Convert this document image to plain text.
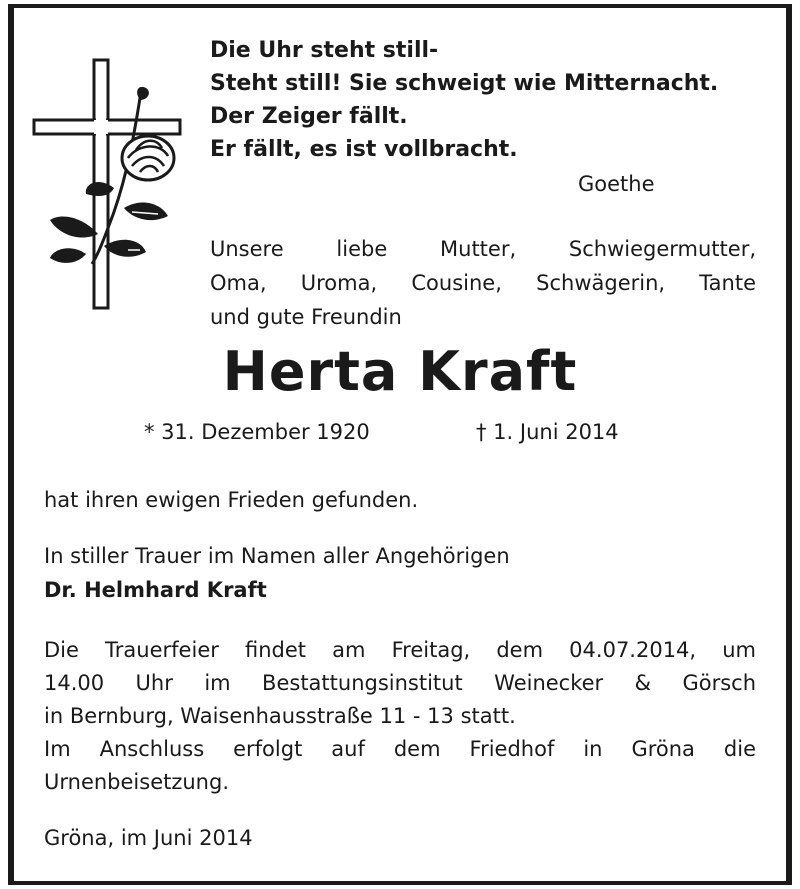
Die Uhr steht still-
Steht still! Sie schweigt wie Mitternacht.
Der Zeiger fällt.
Er fällt, es ist vollbracht.
Goethe
Unsere liebe Mutter, Schwiegermutter,
Oma, Uroma, Cousine, Schwägerin, Tante
und gute Freundin
Herta Kraft
* 31. Dezember 1920	† 1. Juni 2014
hat ihren ewigen Frieden gefunden.
In stiller Trauer im Namen aller Angehörigen
Dr. Helmhard Kraft
Die Trauerfeier findet am Freitag, dem 04.07.2014, um
14.00 Uhr im Bestattungsinstitut Weinecker & Görsch
in Bernburg, Waisenhausstraße 11 - 13 statt.
Im Anschluss erfolgt auf dem Friedhof in Gröna die
Urnenbeisetzung.
Gröna, im Juni 2014
